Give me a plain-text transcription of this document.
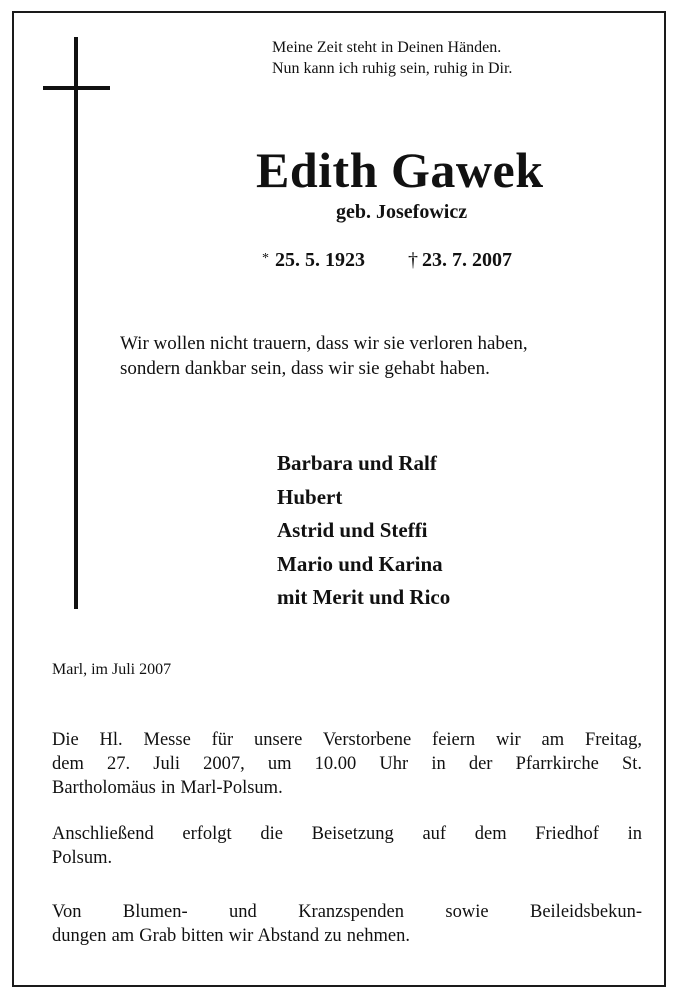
Meine Zeit steht in Deinen Händen.
Nun kann ich ruhig sein, ruhig in Dir.
Edith Gawek
geb. Josefowicz
* 25. 5. 1923 † 23. 7. 2007
Wir wollen nicht trauern, dass wir sie verloren haben,
sondern dankbar sein, dass wir sie gehabt haben.
Barbara und Ralf
Hubert
Astrid und Steffi
Mario und Karina
mit Merit und Rico
Marl, im Juli 2007
Die Hl. Messe für unsere Verstorbene feiern wir am Freitag,
dem 27. Juli 2007, um 10.00 Uhr in der Pfarrkirche St.
Bartholomäus in Marl-Polsum.
Anschließend erfolgt die Beisetzung auf dem Friedhof in
Polsum.
Von Blumen- und Kranzspenden sowie Beileidsbekun-
dungen am Grab bitten wir Abstand zu nehmen.
